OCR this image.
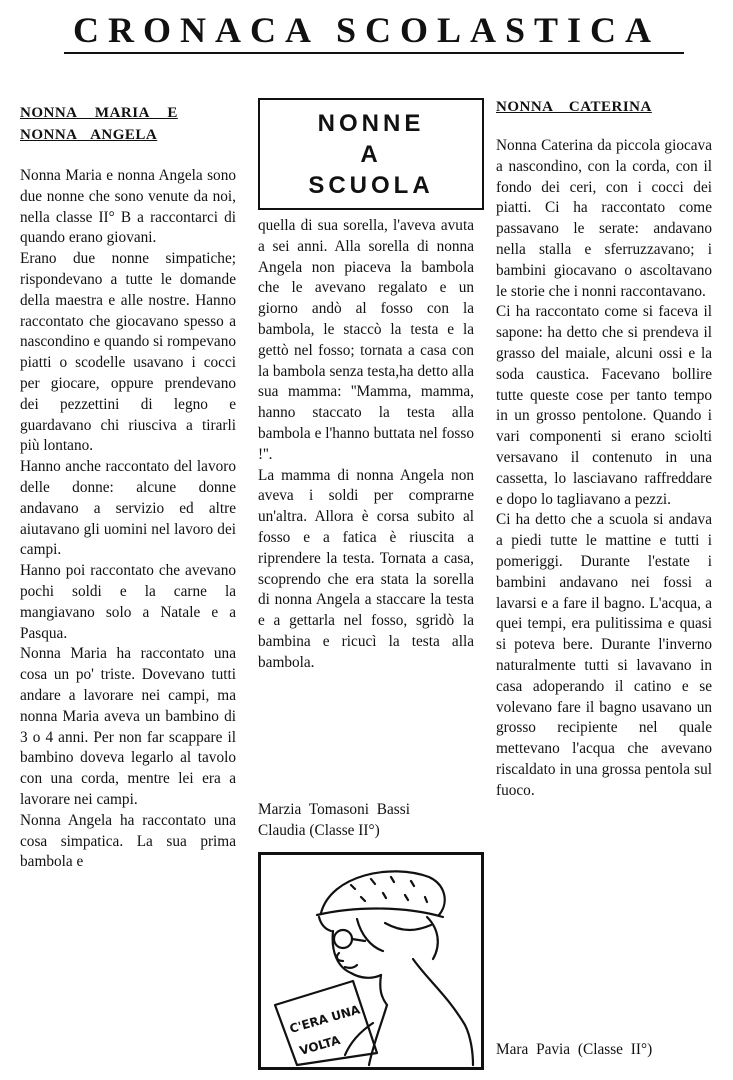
CRONACA SCOLASTICA
NONNA MARIA E
NONNA ANGELA
Nonna Maria e nonna Angela sono due nonne che sono venute da noi, nella classe II° B a raccontarci di quando erano giovani.
Erano due nonne simpatiche; rispondevano a tutte le domande della maestra e alle nostre. Hanno raccontato che giocavano spesso a nascondino e quando si rompevano piatti o scodelle usavano i cocci per giocare, oppure prendevano dei pezzettini di legno e guardavano chi riusciva a tirarli più lontano.
Hanno anche raccontato del lavoro delle donne: alcune donne andavano a servizio ed altre aiutavano gli uomini nel lavoro dei campi.
Hanno poi raccontato che avevano pochi soldi e la carne la mangiavano solo a Natale e a Pasqua.
Nonna Maria ha raccontato una cosa un po' triste. Dovevano tutti andare a lavorare nei campi, ma nonna Maria aveva un bambino di 3 o 4 anni. Per non far scappare il bambino doveva legarlo al tavolo con una corda, mentre lei era a lavorare nei campi.
Nonna Angela ha raccontato una cosa simpatica. La sua prima bambola e
NONNE
A
SCUOLA
quella di sua sorella, l'aveva avuta a sei anni. Alla sorella di nonna Angela non piaceva la bambola che le avevano regalato e un giorno andò al fosso con la bambola, le staccò la testa e la gettò nel fosso; tornata a casa con la bambola senza testa,ha detto alla sua mamma: ''Mamma, mamma, hanno staccato la testa alla bambola e l'hanno buttata nel fosso !''.
La mamma di nonna Angela non aveva i soldi per comprarne un'altra. Allora è corsa subito al fosso e a fatica è riuscita a riprendere la testa. Tornata a casa, scoprendo che era stata la sorella di nonna Angela a staccare la testa e a gettarla nel fosso, sgridò la bambina e ricucì la testa alla bambola.
Marzia Tomasoni Bassi
Claudia (Classe II°)
C'ERA UNA
VOLTA
NONNA CATERINA
Nonna Caterina da piccola giocava a nascondino, con la corda, con il fondo dei ceri, con i cocci dei piatti. Ci ha raccontato come passavano le serate: andavano nella stalla e sferruzzavano; i bambini giocavano o ascoltavano le storie che i nonni raccontavano.
Ci ha raccontato come si faceva il sapone: ha detto che si prendeva il grasso del maiale, alcuni ossi e la soda caustica. Facevano bollire tutte queste cose per tanto tempo in un grosso pentolone. Quando i vari componenti si erano sciolti versavano il contenuto in una cassetta, lo lasciavano raffreddare e dopo lo tagliavano a pezzi.
Ci ha detto che a scuola si andava a piedi tutte le mattine e tutti i pomeriggi. Durante l'estate i bambini andavano nei fossi a lavarsi e a fare il bagno. L'acqua, a quei tempi, era pulitissima e quasi si poteva bere. Durante l'inverno naturalmente tutti si lavavano in casa adoperando il catino e se volevano fare il bagno usavano un grosso recipiente nel quale mettevano l'acqua che avevano riscaldato in una grossa pentola sul fuoco.
Mara Pavia (Classe II°)
